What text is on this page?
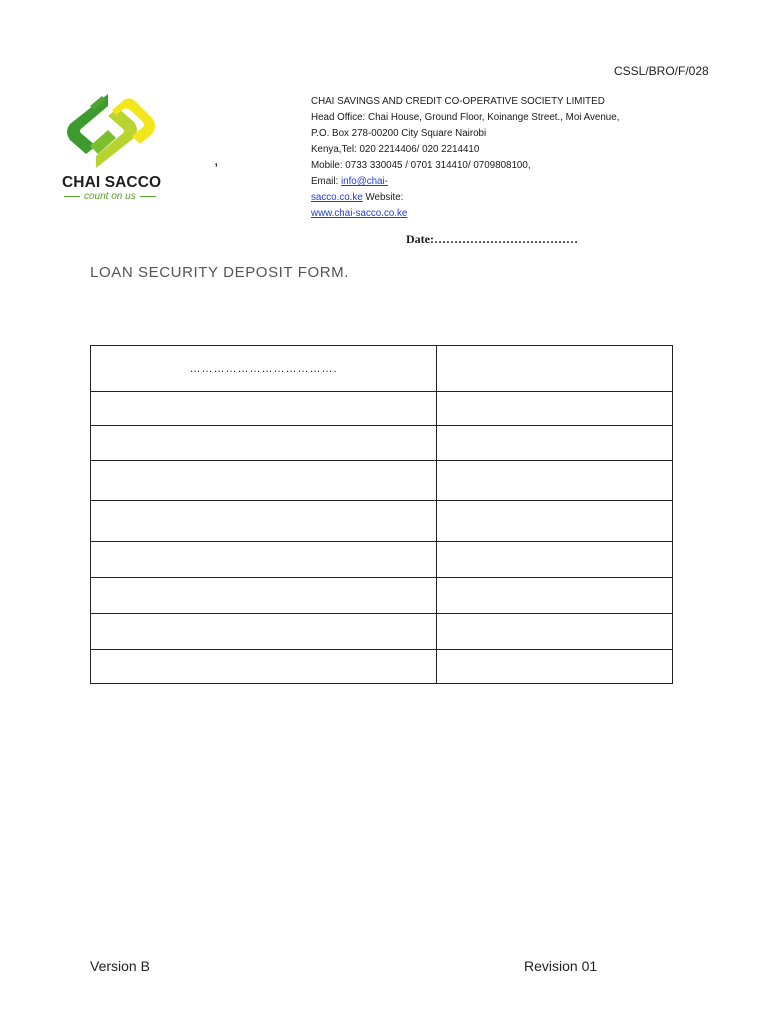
CSSL/BRO/F/028
CHAI SACCO
count on us
,
CHAI SAVINGS AND CREDIT CO-OPERATIVE SOCIETY LIMITED
Head Office: Chai House, Ground Floor, Koinange Street., Moi Avenue,
P.O. Box 278-00200 City Square Nairobi
Kenya,Tel: 020 2214406/ 020 2214410
Mobile: 0733 330045 / 0701 314410/ 0709808100,
Email: info@chai-
sacco.co.ke Website:
www.chai-sacco.co.ke
Date:………………………………
LOAN SECURITY DEPOSIT FORM.
……………………………….	

Version B	Revision 01
